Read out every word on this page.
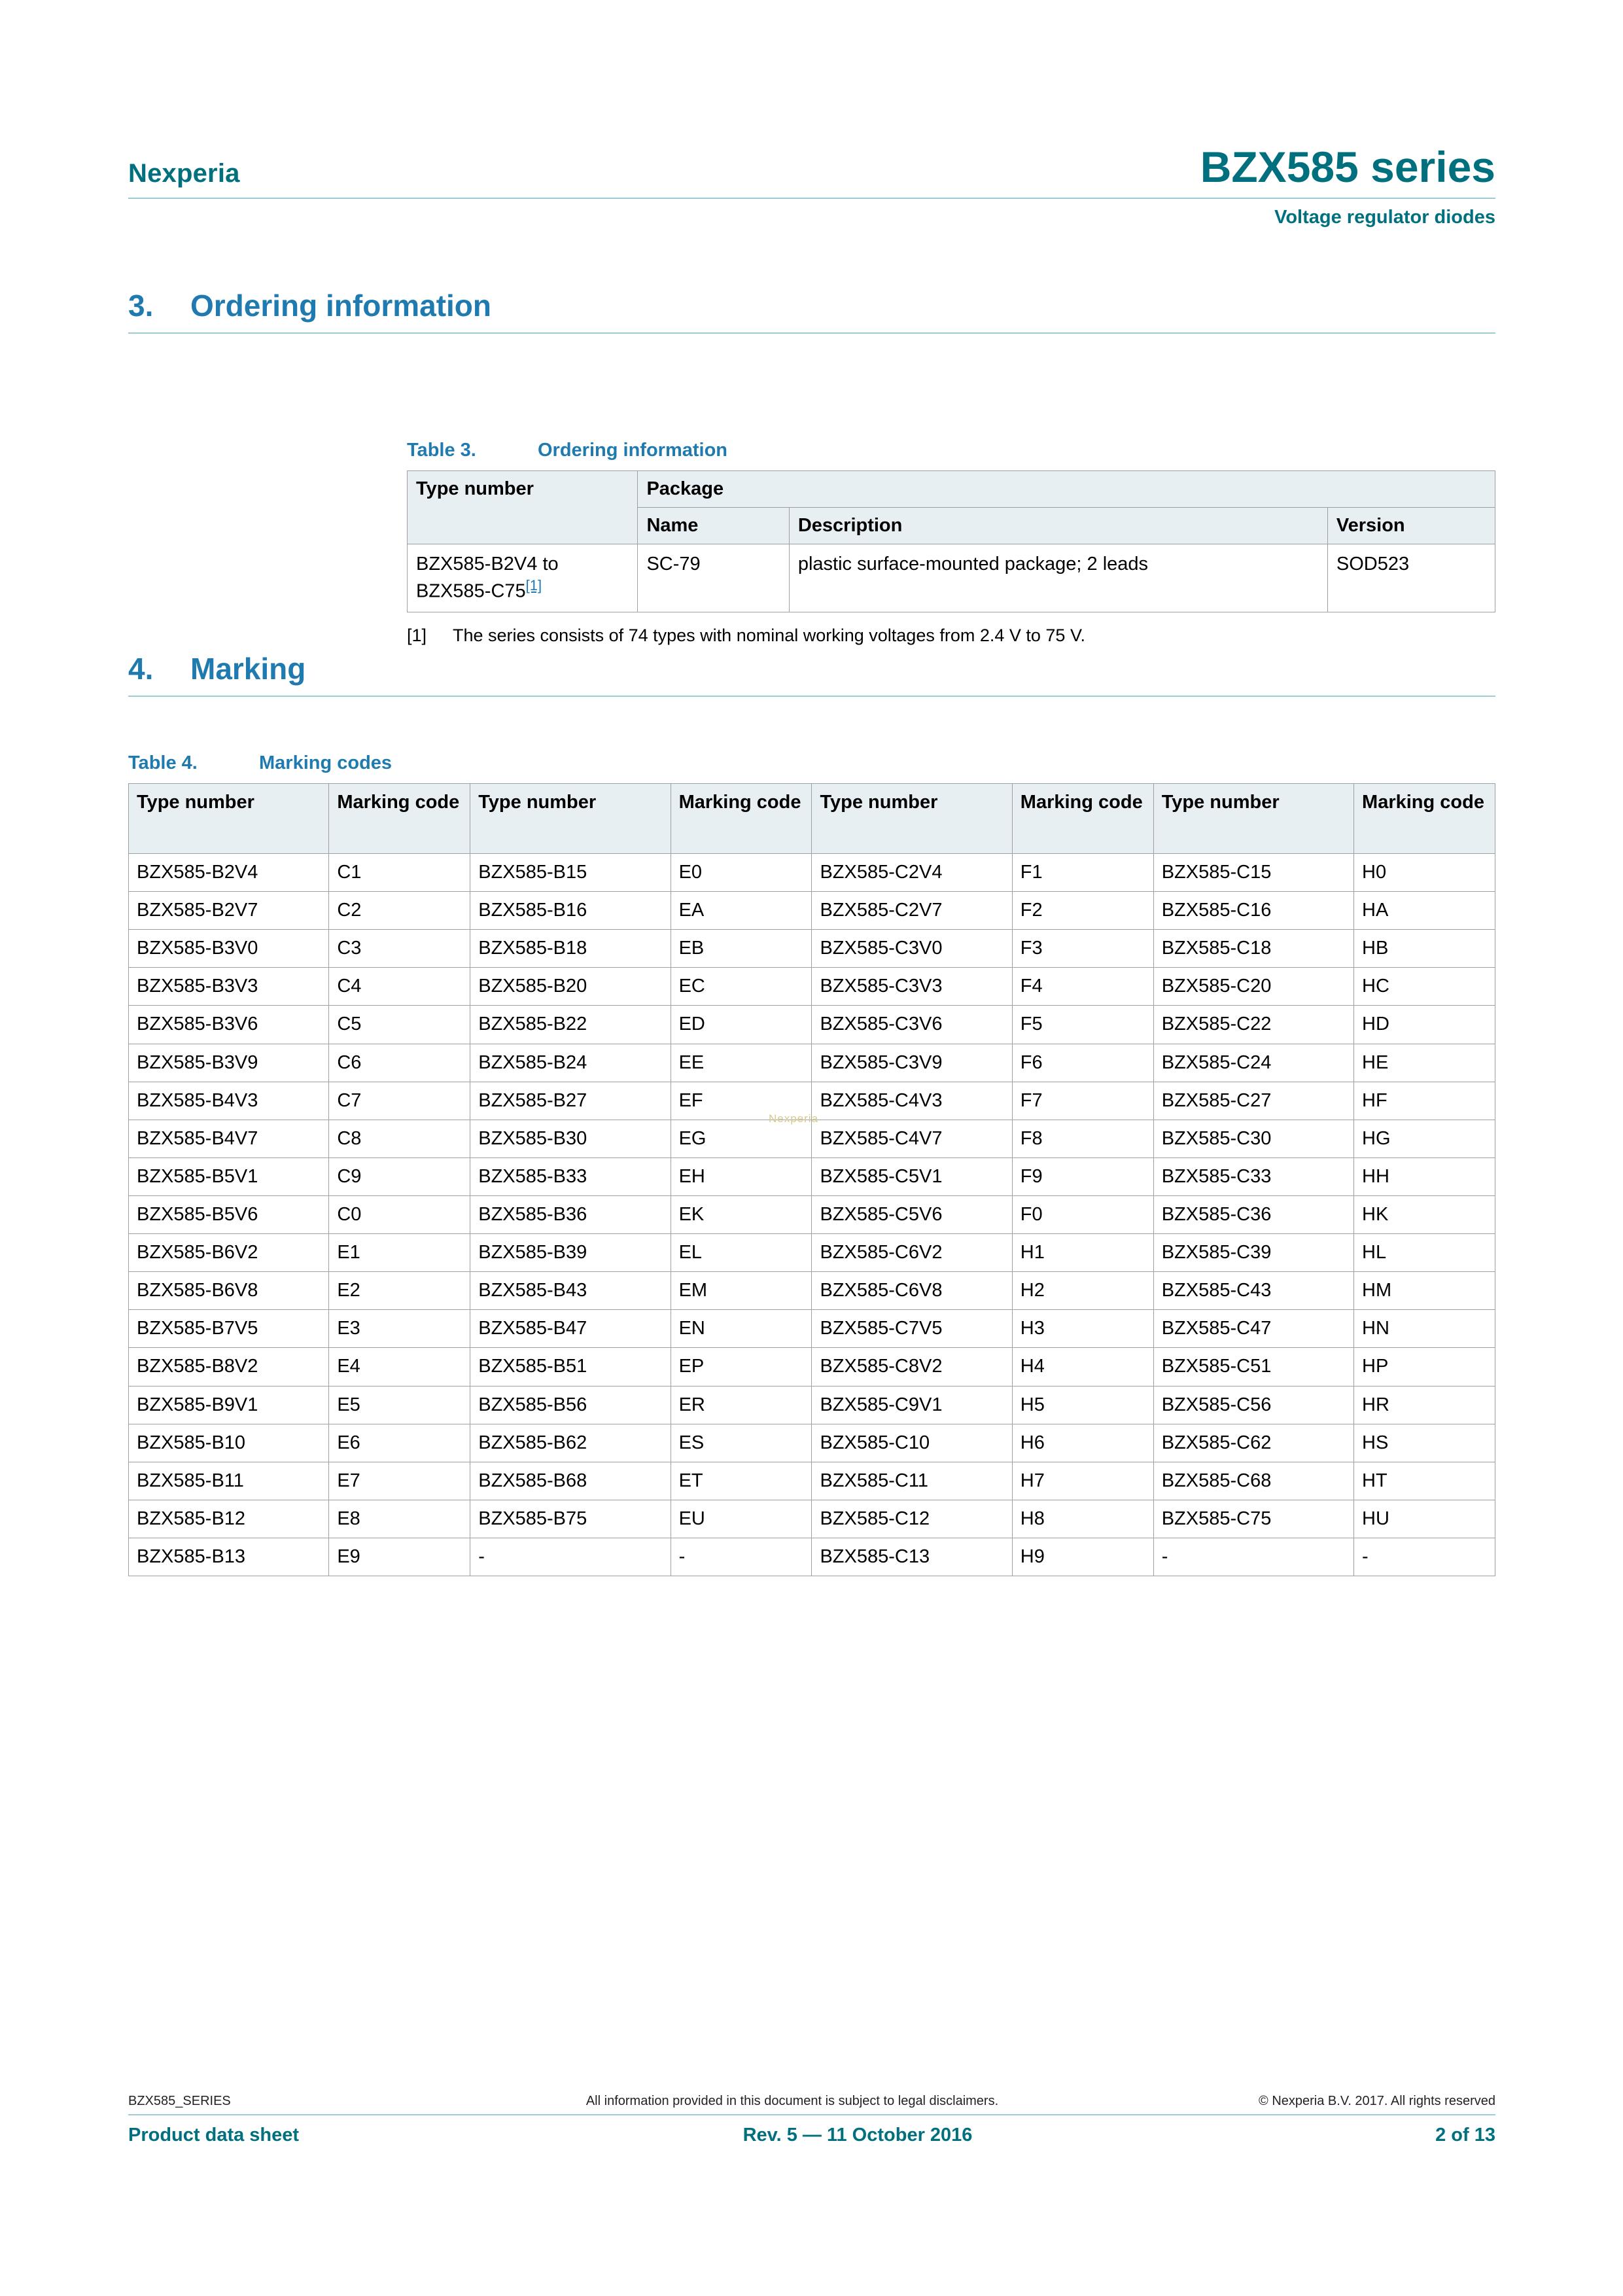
Nexperia	BZX585 series
Voltage regulator diodes
3.	Ordering information
Table 3.	Ordering information
Type number	Package		
	Name	Description	Version
BZX585-B2V4 to
BZX585-C75[1]	SC-79	plastic surface-mounted package; 2 leads	SOD523
[1]	The series consists of 74 types with nominal working voltages from 2.4 V to 75 V.
4.	Marking
Table 4.	Marking codes
Type number	Marking code	Type number	Marking code	Type number	Marking code	Type number	Marking code
BZX585-B2V4	C1	BZX585-B15	E0	BZX585-C2V4	F1	BZX585-C15	H0
BZX585-B2V7	C2	BZX585-B16	EA	BZX585-C2V7	F2	BZX585-C16	HA
BZX585-B3V0	C3	BZX585-B18	EB	BZX585-C3V0	F3	BZX585-C18	HB
BZX585-B3V3	C4	BZX585-B20	EC	BZX585-C3V3	F4	BZX585-C20	HC
BZX585-B3V6	C5	BZX585-B22	ED	BZX585-C3V6	F5	BZX585-C22	HD
BZX585-B3V9	C6	BZX585-B24	EE	BZX585-C3V9	F6	BZX585-C24	HE
BZX585-B4V3	C7	BZX585-B27	EF	BZX585-C4V3	F7	BZX585-C27	HF
BZX585-B4V7	C8	BZX585-B30	EG	BZX585-C4V7	F8	BZX585-C30	HG
BZX585-B5V1	C9	BZX585-B33	EH	BZX585-C5V1	F9	BZX585-C33	HH
BZX585-B5V6	C0	BZX585-B36	EK	BZX585-C5V6	F0	BZX585-C36	HK
BZX585-B6V2	E1	BZX585-B39	EL	BZX585-C6V2	H1	BZX585-C39	HL
BZX585-B6V8	E2	BZX585-B43	EM	BZX585-C6V8	H2	BZX585-C43	HM
BZX585-B7V5	E3	BZX585-B47	EN	BZX585-C7V5	H3	BZX585-C47	HN
BZX585-B8V2	E4	BZX585-B51	EP	BZX585-C8V2	H4	BZX585-C51	HP
BZX585-B9V1	E5	BZX585-B56	ER	BZX585-C9V1	H5	BZX585-C56	HR
BZX585-B10	E6	BZX585-B62	ES	BZX585-C10	H6	BZX585-C62	HS
BZX585-B11	E7	BZX585-B68	ET	BZX585-C11	H7	BZX585-C68	HT
BZX585-B12	E8	BZX585-B75	EU	BZX585-C12	H8	BZX585-C75	HU
BZX585-B13	E9	-	-	BZX585-C13	H9	-	-
Nexperia
BZX585_SERIES	All information provided in this document is subject to legal disclaimers.	© Nexperia B.V. 2017. All rights reserved
Product data sheet	Rev. 5 — 11 October 2016	2 of 13
